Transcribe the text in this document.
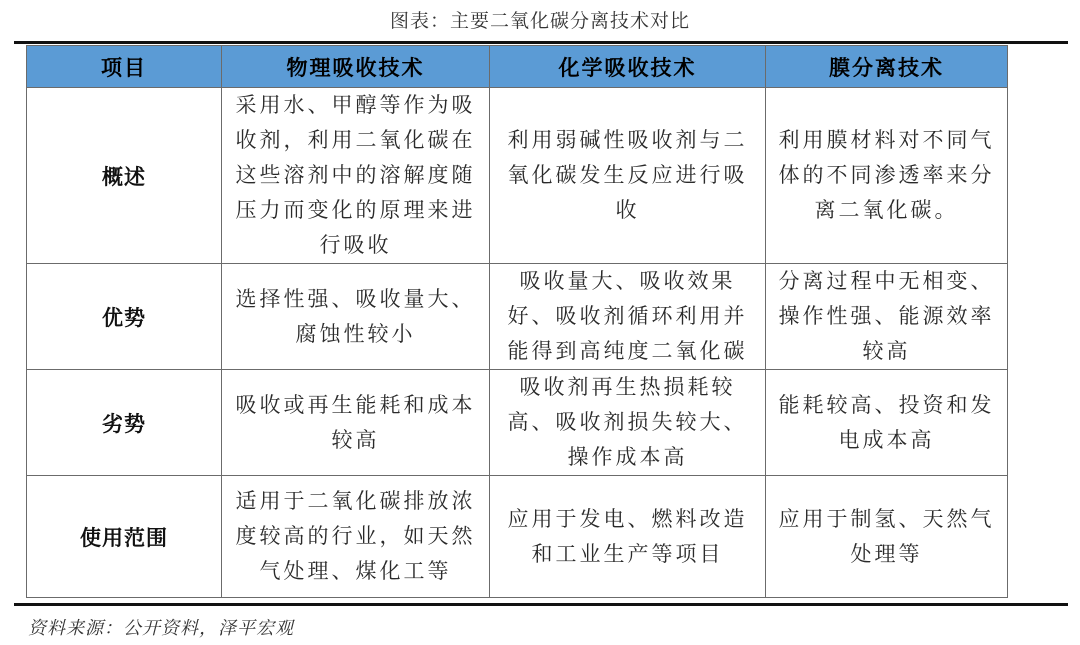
图表：主要二氧化碳分离技术对比
项目	物理吸收技术	化学吸收技术	膜分离技术
概述	采用水、甲醇等作为吸收剂，利用二氧化碳在这些溶剂中的溶解度随压力而变化的原理来进行吸收	利用弱碱性吸收剂与二氧化碳发生反应进行吸收	利用膜材料对不同气体的不同渗透率来分离二氧化碳。
优势	选择性强、吸收量大、腐蚀性较小	吸收量大、吸收效果好、吸收剂循环利用并能得到高纯度二氧化碳	分离过程中无相变、操作性强、能源效率较高
劣势	吸收或再生能耗和成本较高	吸收剂再生热损耗较高、吸收剂损失较大、操作成本高	能耗较高、投资和发电成本高
使用范围	适用于二氧化碳排放浓度较高的行业，如天然气处理、煤化工等	应用于发电、燃料改造和工业生产等项目	应用于制氢、天然气处理等
资料来源：公开资料，泽平宏观
